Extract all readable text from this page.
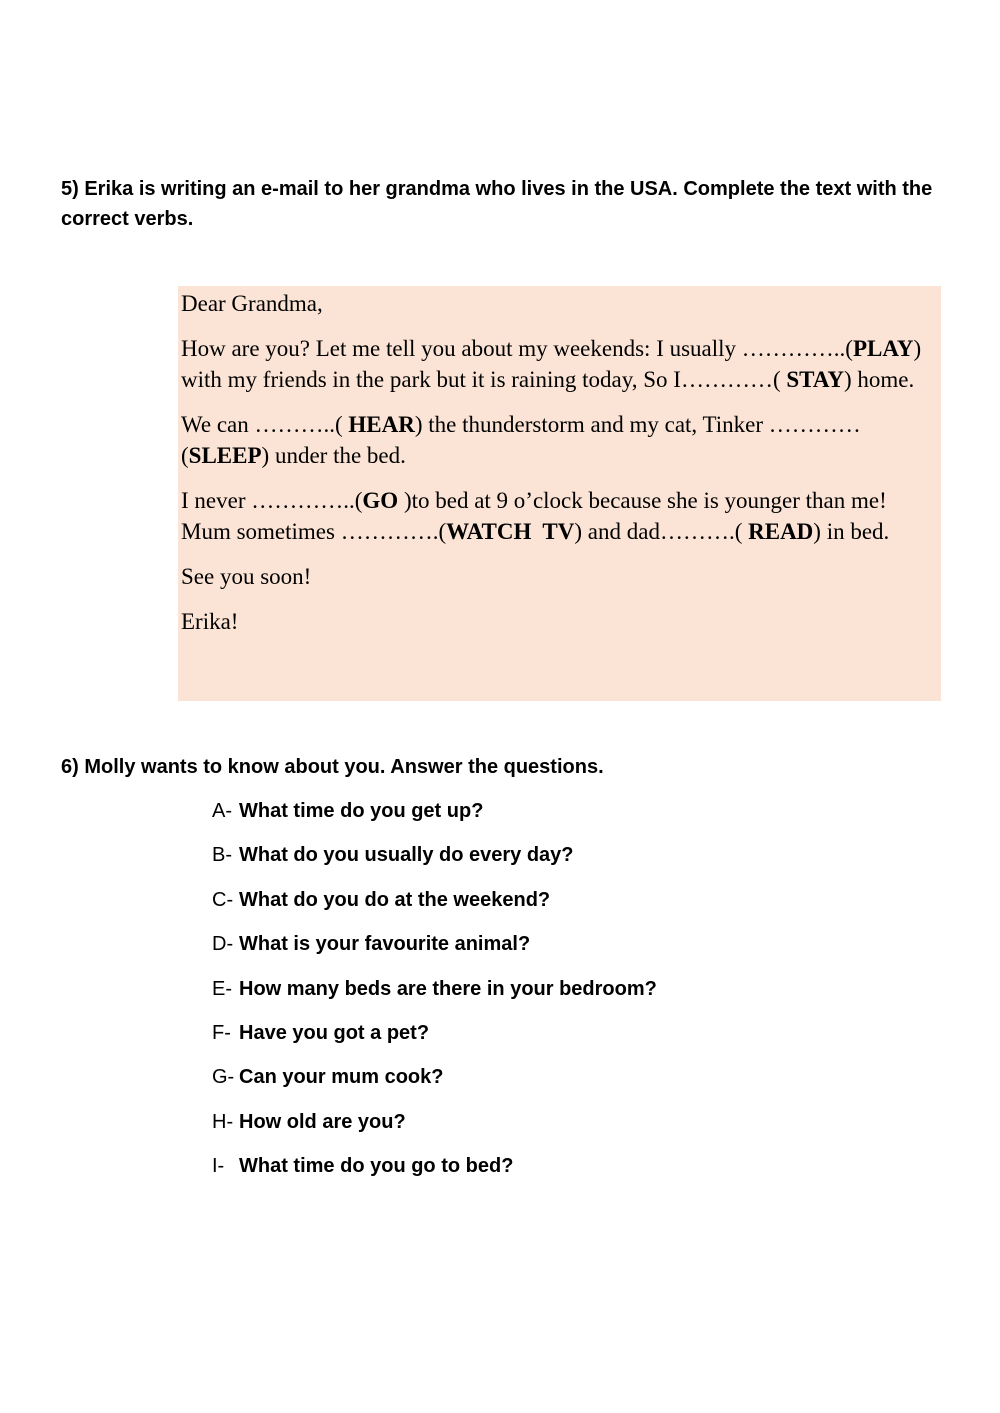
5) Erika is writing an e-mail to her grandma who lives in the USA. Complete the text with the correct verbs.

Dear Grandma,

How are you? Let me tell you about my weekends: I usually …………..(PLAY) with my friends in the park but it is raining today, So I…………( STAY) home.

We can ………..( HEAR) the thunderstorm and my cat, Tinker …………(SLEEP) under the bed.

I never …………..(GO )to bed at 9 o’clock because she is younger than me! Mum sometimes ………….(WATCH  TV) and dad……….( READ) in bed.

See you soon!

Erika!

6) Molly wants to know about you. Answer the questions.
A- What time do you get up?
B- What do you usually do every day?
C- What do you do at the weekend?
D- What is your favourite animal?
E- How many beds are there in your bedroom?
F- Have you got a pet?
G- Can your mum cook?
H- How old are you?
I- What time do you go to bed?
